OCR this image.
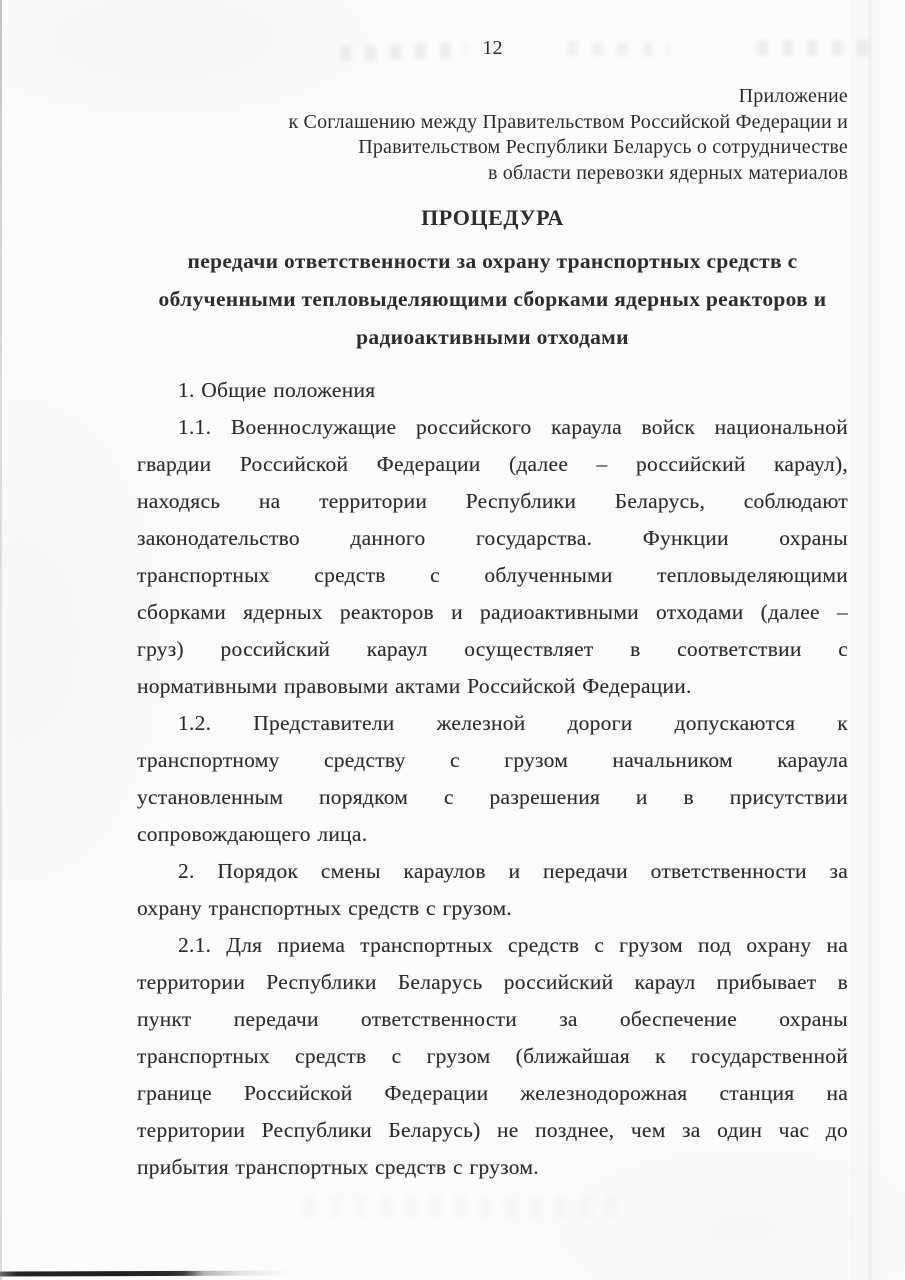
12
Приложение
к Соглашению между Правительством Российской Федерации и
Правительством Республики Беларусь о сотрудничестве
в области перевозки ядерных материалов
ПРОЦЕДУРА
передачи ответственности за охрану транспортных средств с
облученными тепловыделяющими сборками ядерных реакторов и
радиоактивными отходами
1. Общие положения
1.1. Военнослужащие российского караула войск национальной
гвардии Российской Федерации (далее – российский караул),
находясь на территории Республики Беларусь, соблюдают
законодательство данного государства. Функции охраны
транспортных средств с облученными тепловыделяющими
сборками ядерных реакторов и радиоактивными отходами (далее –
груз) российский караул осуществляет в соответствии с
нормативными правовыми актами Российской Федерации.
1.2. Представители железной дороги допускаются к
транспортному средству с грузом начальником караула
установленным порядком с разрешения и в присутствии
сопровождающего лица.
2. Порядок смены караулов и передачи ответственности за
охрану транспортных средств с грузом.
2.1. Для приема транспортных средств с грузом под охрану на
территории Республики Беларусь российский караул прибывает в
пункт передачи ответственности за обеспечение охраны
транспортных средств с грузом (ближайшая к государственной
границе Российской Федерации железнодорожная станция на
территории Республики Беларусь) не позднее, чем за один час до
прибытия транспортных средств с грузом.
